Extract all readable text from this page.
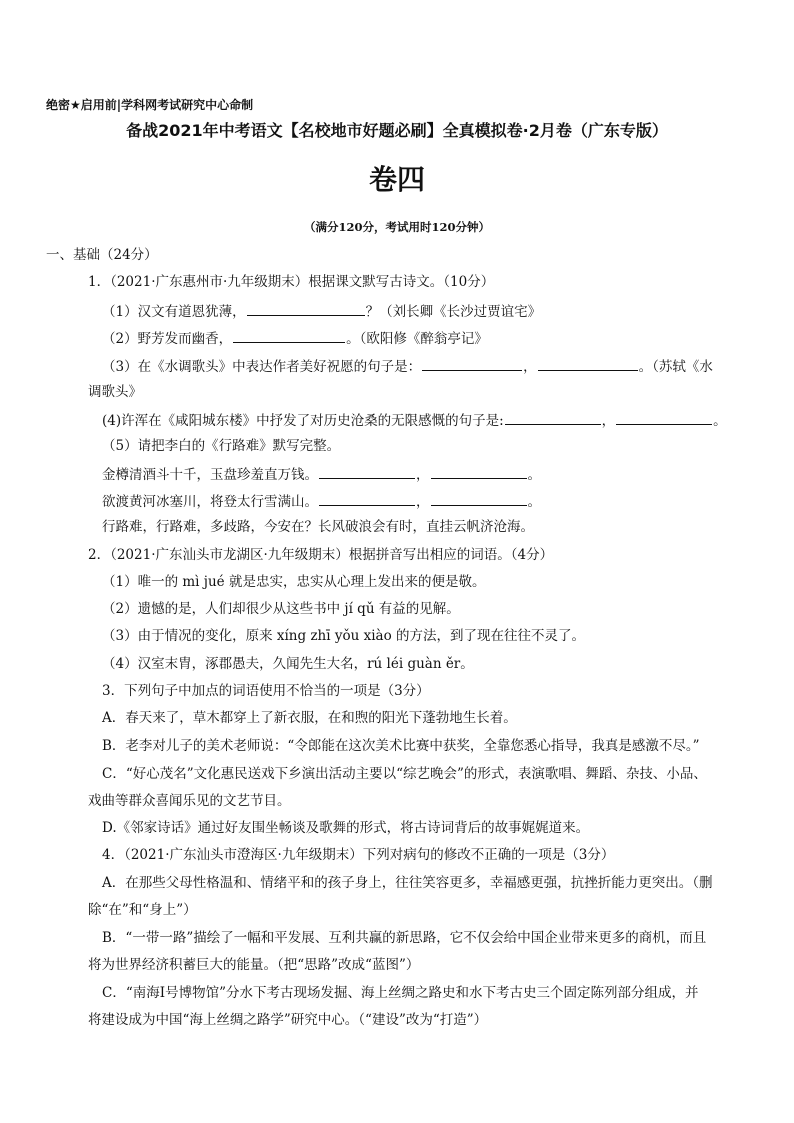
绝密★启用前|学科网考试研究中心命制
备战2021年中考语文【名校地市好题必刷】全真模拟卷·2月卷（广东专版）
卷四
（满分120分，考试用时120分钟）
一、基础（24分）
1．（2021·广东惠州市·九年级期末）根据课文默写古诗文。（10分）
（1）汉文有道恩犹薄，	？（刘长卿《长沙过贾谊宅》
（2）野芳发而幽香，	。（欧阳修《醉翁亭记》
（3）在《水调歌头》中表达作者美好祝愿的句子是：	，	。（苏轼《水
调歌头》
(4)许浑在《咸阳城东楼》中抒发了对历史沧桑的无限感慨的句子是:	，	。
（5）请把李白的《行路难》默写完整。
金樽清酒斗十千，玉盘珍羞直万钱。	，	。
欲渡黄河冰塞川，将登太行雪满山。	，	。
行路难，行路难，多歧路，今安在？长风破浪会有时，直挂云帆济沧海。
2．（2021·广东汕头市龙湖区·九年级期末）根据拼音写出相应的词语。（4分）
（1）唯一的 mì jué 就是忠实，忠实从心理上发出来的便是敬。
（2）遗憾的是，人们却很少从这些书中 jí qǔ 有益的见解。
（3）由于情况的变化，原来 xíng zhī yǒu xiào 的方法，到了现在往往不灵了。
（4）汉室末胄，涿郡愚夫，久闻先生大名，rú léi guàn ěr。
3．下列句子中加点的词语使用不恰当的一项是（3分）
A．春天来了，草木都穿上了新衣服，在和煦的阳光下蓬勃地生长着。
B．老李对儿子的美术老师说：“令郎能在这次美术比赛中获奖，全靠您悉心指导，我真是感激不尽。”
C．“好心茂名”文化惠民送戏下乡演出活动主要以“综艺晚会”的形式，表演歌唱、舞蹈、杂技、小品、
戏曲等群众喜闻乐见的文艺节目。
D.《邻家诗话》通过好友围坐畅谈及歌舞的形式，将古诗词背后的故事娓娓道来。
4．（2021·广东汕头市澄海区·九年级期末）下列对病句的修改不正确的一项是（3分）
A．在那些父母性格温和、情绪平和的孩子身上，往往笑容更多，幸福感更强，抗挫折能力更突出。（删
除“在”和“身上”）
B．“一带一路”描绘了一幅和平发展、互利共赢的新思路，它不仅会给中国企业带来更多的商机，而且
将为世界经济积蓄巨大的能量。（把“思路”改成“蓝图”）
C．“南海Ⅰ号博物馆”分水下考古现场发掘、海上丝绸之路史和水下考古史三个固定陈列部分组成，并
将建设成为中国“海上丝绸之路学”研究中心。（“建设”改为“打造”）
